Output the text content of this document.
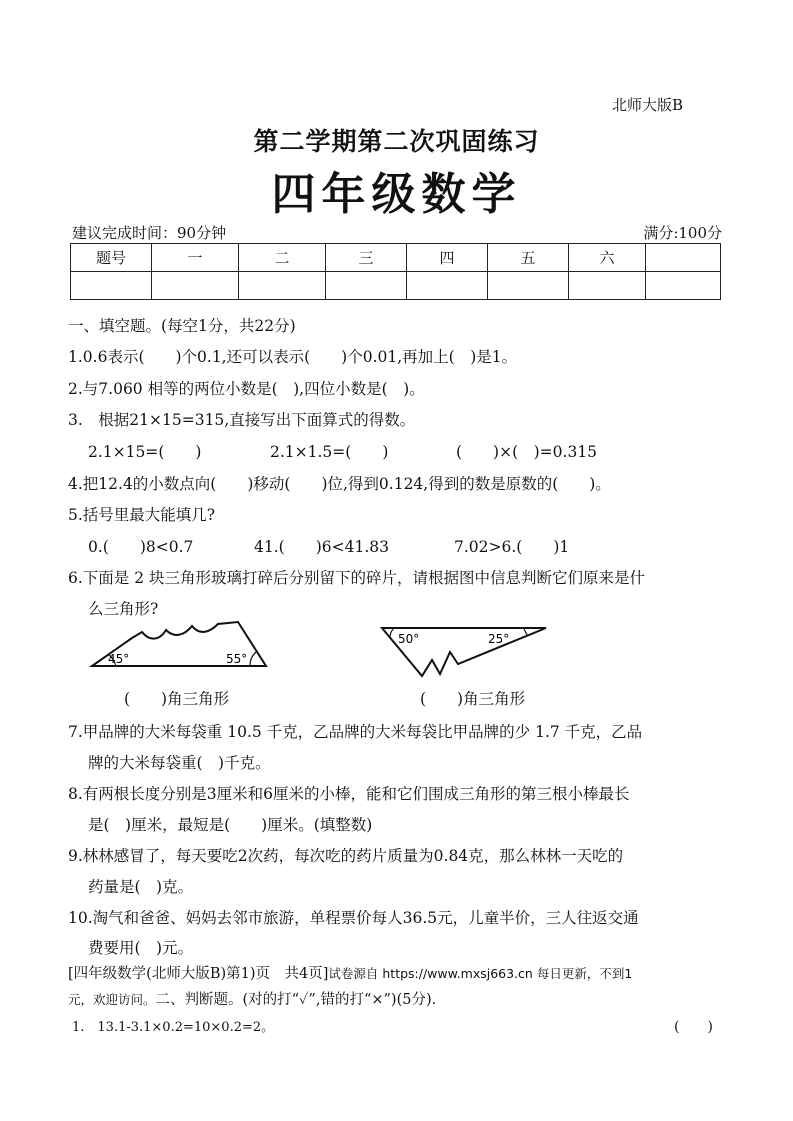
北师大版B
第二学期第二次巩固练习
四年级数学
建议完成时间：90分钟	满分:100分
题号	一	二	三	四	五	六	

一、填空题。(每空1分，共22分)
1.0.6表示(　　)个0.1,还可以表示(　　)个0.01,再加上(　)是1。
2.与7.060 相等的两位小数是(　),四位小数是(　)。
3.　根据21×15=315,直接写出下面算式的得数。
2.1×15=(　　)	2.1×1.5=(　　)	(　　)×(　)=0.315
4.把12.4的小数点向(　　)移动(　　)位,得到0.124,得到的数是原数的(　　)。
5.括号里最大能填几?
0.(　　)8<0.7	41.(　　)6<41.83	7.02>6.(　　)1
6.下面是 2 块三角形玻璃打碎后分别留下的碎片，请根据图中信息判断它们原来是什
么三角形?
45°	55°
50°	25°
(　　)角三角形	(　　)角三角形
7.甲品牌的大米每袋重 10.5 千克，乙品牌的大米每袋比甲品牌的少 1.7 千克，乙品
牌的大米每袋重(　)千克。
8.有两根长度分别是3厘米和6厘米的小棒，能和它们围成三角形的第三根小棒最长
是(　)厘米，最短是(　　)厘米。(填整数)
9.林林感冒了，每天要吃2次药，每次吃的药片质量为0.84克，那么林林一天吃的
药量是(　)克。
10.淘气和爸爸、妈妈去邻市旅游，单程票价每人36.5元，儿童半价，三人往返交通
费要用(　)元。
[四年级数学(北师大版B)第1)页　共4页]试卷源自 https://www.mxsj663.cn 每日更新，不到1
元，欢迎访问。二、判断题。(对的打“✓”,错的打“×”)(5分).
1.　13.1-3.1×0.2=10×0.2=2。	(　　)
